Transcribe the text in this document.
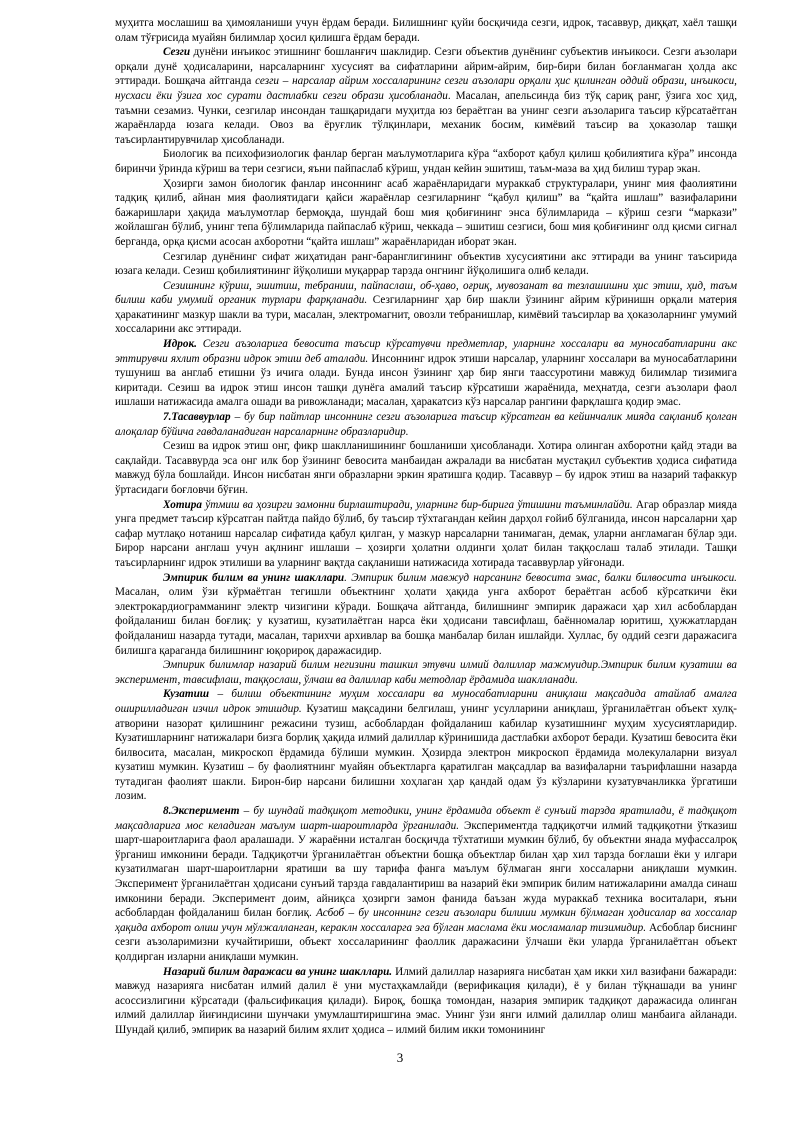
муҳитга мослашиш ва ҳимояланиши учун ёрдам беради. Билишнинг қуйи босқичида сезги, идрок, тасаввур, диққат, хаёл ташқи олам тўғрисида муайян билимлар ҳосил қилишга ёрдам беради.

Сезги дунёни инъикос этишнинг бошланғич шаклидир. Сезги объектив дунёнинг субъектив инъикоси. Сезги аъзолари орқали дунё ҳодисаларини, нарсаларнинг хусусият ва сифатларини айрим-айрим, бир-бири билан боғланмаган ҳолда акс эттиради. Бошқача айтганда сезги – нарсалар айрим хоссаларининг сезги аъзолари орқали ҳис қилинган оддий образи, инъикоси, нусхаси ёки ўзига хос сурати дастлабки сезги образи ҳисобланади. Масалан, апельсинда биз тўқ сариқ ранг, ўзига хос ҳид, таъмни сезамиз. Чунки, сезгилар инсондан ташқаридаги муҳитда юз бераётган ва унинг сезги аъзоларига таъсир кўрсатаётган жараёнларда юзага келади. Овоз ва ёруғлик тўлқинлари, механик босим, кимёвий таъсир ва ҳоказолар ташқи таъсирлантирувчилар ҳисобланади.

Биологик ва психофизиологик фанлар берган маълумотларига кўра “ахборот қабул қилиш қобилиятига кўра” инсонда биринчи ўринда кўриш ва тери сезгиси, яъни пайпаслаб кўриш, ундан кейин эшитиш, таъм-маза ва ҳид билиш турар экан.

Ҳозирги замон биологик фанлар инсоннинг асаб жараёнларидаги мураккаб структуралари, унинг мия фаолиятини тадқиқ қилиб, айнан мия фаолиятидаги қайси жараёнлар сезгиларнинг “қабул қилиш” ва “қайта ишлаш” вазифаларини бажаришлари ҳақида маълумотлар бермоқда, шундай бош мия қобиғининг энса бўлимларида – кўриш сезги “маркази” жойлашган бўлиб, унинг тепа бўлимларида пайпаслаб кўриш, чеккада – эшитиш сезгиси, бош мия қобиғининг олд қисми сигнал берганда, орқа қисми асосан ахборотни “қайта ишлаш” жараёнларидан иборат экан.

Сезгилар дунёнинг сифат жиҳатидан ранг-баранглигининг объектив хусусиятини акс эттиради ва унинг таъсирида юзага келади. Сезиш қобилиятининг йўқолиши муқаррар тарзда онгнинг йўқолишига олиб келади.

Сезишнинг кўриш, эшитиш, тебраниш, пайпаслаш, об-ҳаво, оғриқ, мувозанат ва тезлашишни ҳис этиш, ҳид, таъм билиш каби умумий органик турлари фарқланади. Сезгиларнинг ҳар бир шакли ўзининг айрим кўринишн орқали материя ҳаракатининг мазкур шакли ва тури, масалан, электромагнит, овозли тебранишлар, кимёвий таъсирлар ва ҳоказоларнинг умумий хоссаларини акс эттиради.

Идрок. Сезги аъзоларига бевосита таъсир кўрсатувчи предметлар, уларнинг хоссалари ва муносабатларини акс эттирувчи яхлит образни идрок этиш деб аталади. Инсоннинг идрок этиши нарсалар, уларнинг хоссалари ва муносабатларини тушуниш ва англаб етишни ўз ичига олади. Бунда инсон ўзининг ҳар бир янги таассуротини мавжуд билимлар тизимига киритади. Сезиш ва идрок этиш инсон ташқи дунёга амалий таъсир кўрсатиши жараёнида, меҳнатда, сезги аъзолари фаол ишлаши натижасида амалга ошади ва ривожланади; масалан, ҳаракатсиз кўз нарсалар рангини фарқлашга қодир эмас.

7.Тасаввурлар – бу бир пайтлар инсоннинг сезги аъзоларига таъсир кўрсатган ва кейинчалик мияда сақланиб қолган алоқалар бўйича гавдаланадиган нарсаларнинг образларидир.

Сезиш ва идрок этиш онг, фикр шаклланишининг бошланиши ҳисобланади. Хотира олинган ахборотни қайд этади ва сақлайди. Тасаввурда эса онг илк бор ўзининг бевосита манбаидан ажралади ва нисбатан мустақил субъектив ҳодиса сифатида мавжуд бўла бошлайди. Инсон нисбатан янги образларни эркин яратишга қодир. Тасаввур – бу идрок этиш ва назарий тафаккур ўртасидаги боғловчи бўғин.

Хотира ўтмиш ва ҳозирги замонни бирлаштиради, уларнинг бир-бирига ўтишини таъминлайди. Агар образлар мияда унга предмет таъсир кўрсатган пайтда пайдо бўлиб, бу таъсир тўхтагандан кейин дарҳол ғойиб бўлганида, инсон нарсаларни ҳар сафар мутлақо нотаниш нарсалар сифатида қабул қилган, у мазкур нарсаларни танимаган, демак, уларни англамаган бўлар эди. Бирор нарсани англаш учун ақлнинг ишлаши – ҳозирги ҳолатни олдинги ҳолат билан таққослаш талаб этилади. Ташқи таъсирларнинг идрок этилиши ва уларнинг вақтда сақланиши натижасида хотирада тасаввурлар уйғонади.

Эмпирик билим ва унинг шакллари. Эмпирик билим мавжуд нарсанинг бевосита эмас, балки билвосита инъикоси. Масалан, олим ўзи кўрмаётган тегишли объектнинг ҳолати ҳақида унга ахборот бераётган асбоб кўрсаткичи ёки электрокардиограмманинг электр чизигини кўради. Бошқача айтганда, билишнинг эмпирик даражаси ҳар хил асбоблардан фойдаланиш билан боғлиқ: у кузатиш, кузатилаётган нарса ёки ҳодисани тавсифлаш, баённомалар юритиш, ҳужжатлардан фойдаланиш назарда тутади, масалан, тарихчи архивлар ва бошқа манбалар билан ишлайди. Хуллас, бу оддий сезги даражасига билишга қараганда билишнинг юқорироқ даражасидир.

Эмпирик билимлар назарий билим негизини ташкил этувчи илмий далиллар мажмуидир.Эмпирик билим кузатиш ва эксперимент, тавсифлаш, таққослаш, ўлчаш ва далиллар каби методлар ёрдамида шаклланади.

Кузатиш – билиш объектининг муҳим хоссалари ва муносабатларини аниқлаш мақсадида атайлаб амалга оширилладиган изчил идрок этишдир. Кузатиш мақсадини белгилаш, унинг усулларини аниқлаш, ўрганилаётган объект хулқ-атворини назорат қилишнинг режасини тузиш, асбоблардан фойдаланиш кабилар кузатишнинг муҳим хусусиятларидир. Кузатишларнинг натижалари бизга борлиқ ҳақида илмий далиллар кўринишида дастлабки ахборот беради. Кузатиш бевосита ёки билвосита, масалан, микроскоп ёрдамида бўлиши мумкин. Ҳозирда электрон микроскоп ёрдамида молекулаларни визуал кузатиш мумкин. Кузатиш – бу фаолиятнинг муайян объектларга қаратилган мақсадлар ва вазифаларни таърифлашни назарда тутадиган фаолият шакли. Бирон-бир нарсани билишни хоҳлаган ҳар қандай одам ўз кўзларини кузатувчанликка ўргатиши лозим.

8.Эксперимент – бу шундай тадқиқот методики, унинг ёрдамида объект ё сунъий тарзда яратилади, ё тадқиқот мақсадларига мос келадиган маълум шарт-шароитларда ўрганилади. Экспериментда тадқиқотчи илмий тадқиқотни ўтказиш шарт-шароитларига фаол аралашади. У жараённи исталган босқичда тўхтатиши мумкин бўлиб, бу объектни янада муфассалроқ ўрганиш имконини беради. Тадқиқотчи ўрганилаётган объектни бошқа объектлар билан ҳар хил тарзда боғлаши ёки у илгари кузатилмаган шарт-шароитларни яратиши ва шу тарифа фанга маълум бўлмаган янги хоссаларни аниқлаши мумкин. Эксперимент ўрганилаётган ҳодисани сунъий тарзда гавдалантириш ва назарий ёки эмпирик билим натижаларини амалда синаш имконини беради. Эксперимент доим, айниқса ҳозирги замон фанида баъзан жуда мураккаб техника воситалари, яъни асбоблардан фойдаланиш билан боғлиқ. Асбоб – бу инсоннинг сезги аъзолари билиши мумкин бўлмаган ҳодисалар ва хоссалар ҳақида ахборот олиш учун мўлжалланган, кераклн хоссаларга эга бўлган маслама ёки мосламалар тизимидир. Асбоблар биснинг сезги аъзоларимизни кучайтириши, объект хоссаларининг фаоллик даражасини ўлчаши ёки уларда ўрганилаётган объект қолдирган изларни аниқлаши мумкин.

Назарий билим даражаси ва унинг шакллари. Илмий далиллар назарияга нисбатан ҳам икки хил вазифани бажаради: мавжуд назарияга нисбатан илмий далил ё уни мустаҳкамлайди (верификация қилади), ё у билан тўқнашади ва унинг асоссизлигини кўрсатади (фальсификация қилади). Бироқ, бошқа томондан, назария эмпирик тадқиқот даражасида олинган илмий далиллар йиғиндисини шунчаки умумлаштиришгина эмас. Унинг ўзи янги илмий далиллар олиш манбаига айланади. Шундай қилиб, эмпирик ва назарий билим яхлит ҳодиса – илмий билим икки томонининг

3
